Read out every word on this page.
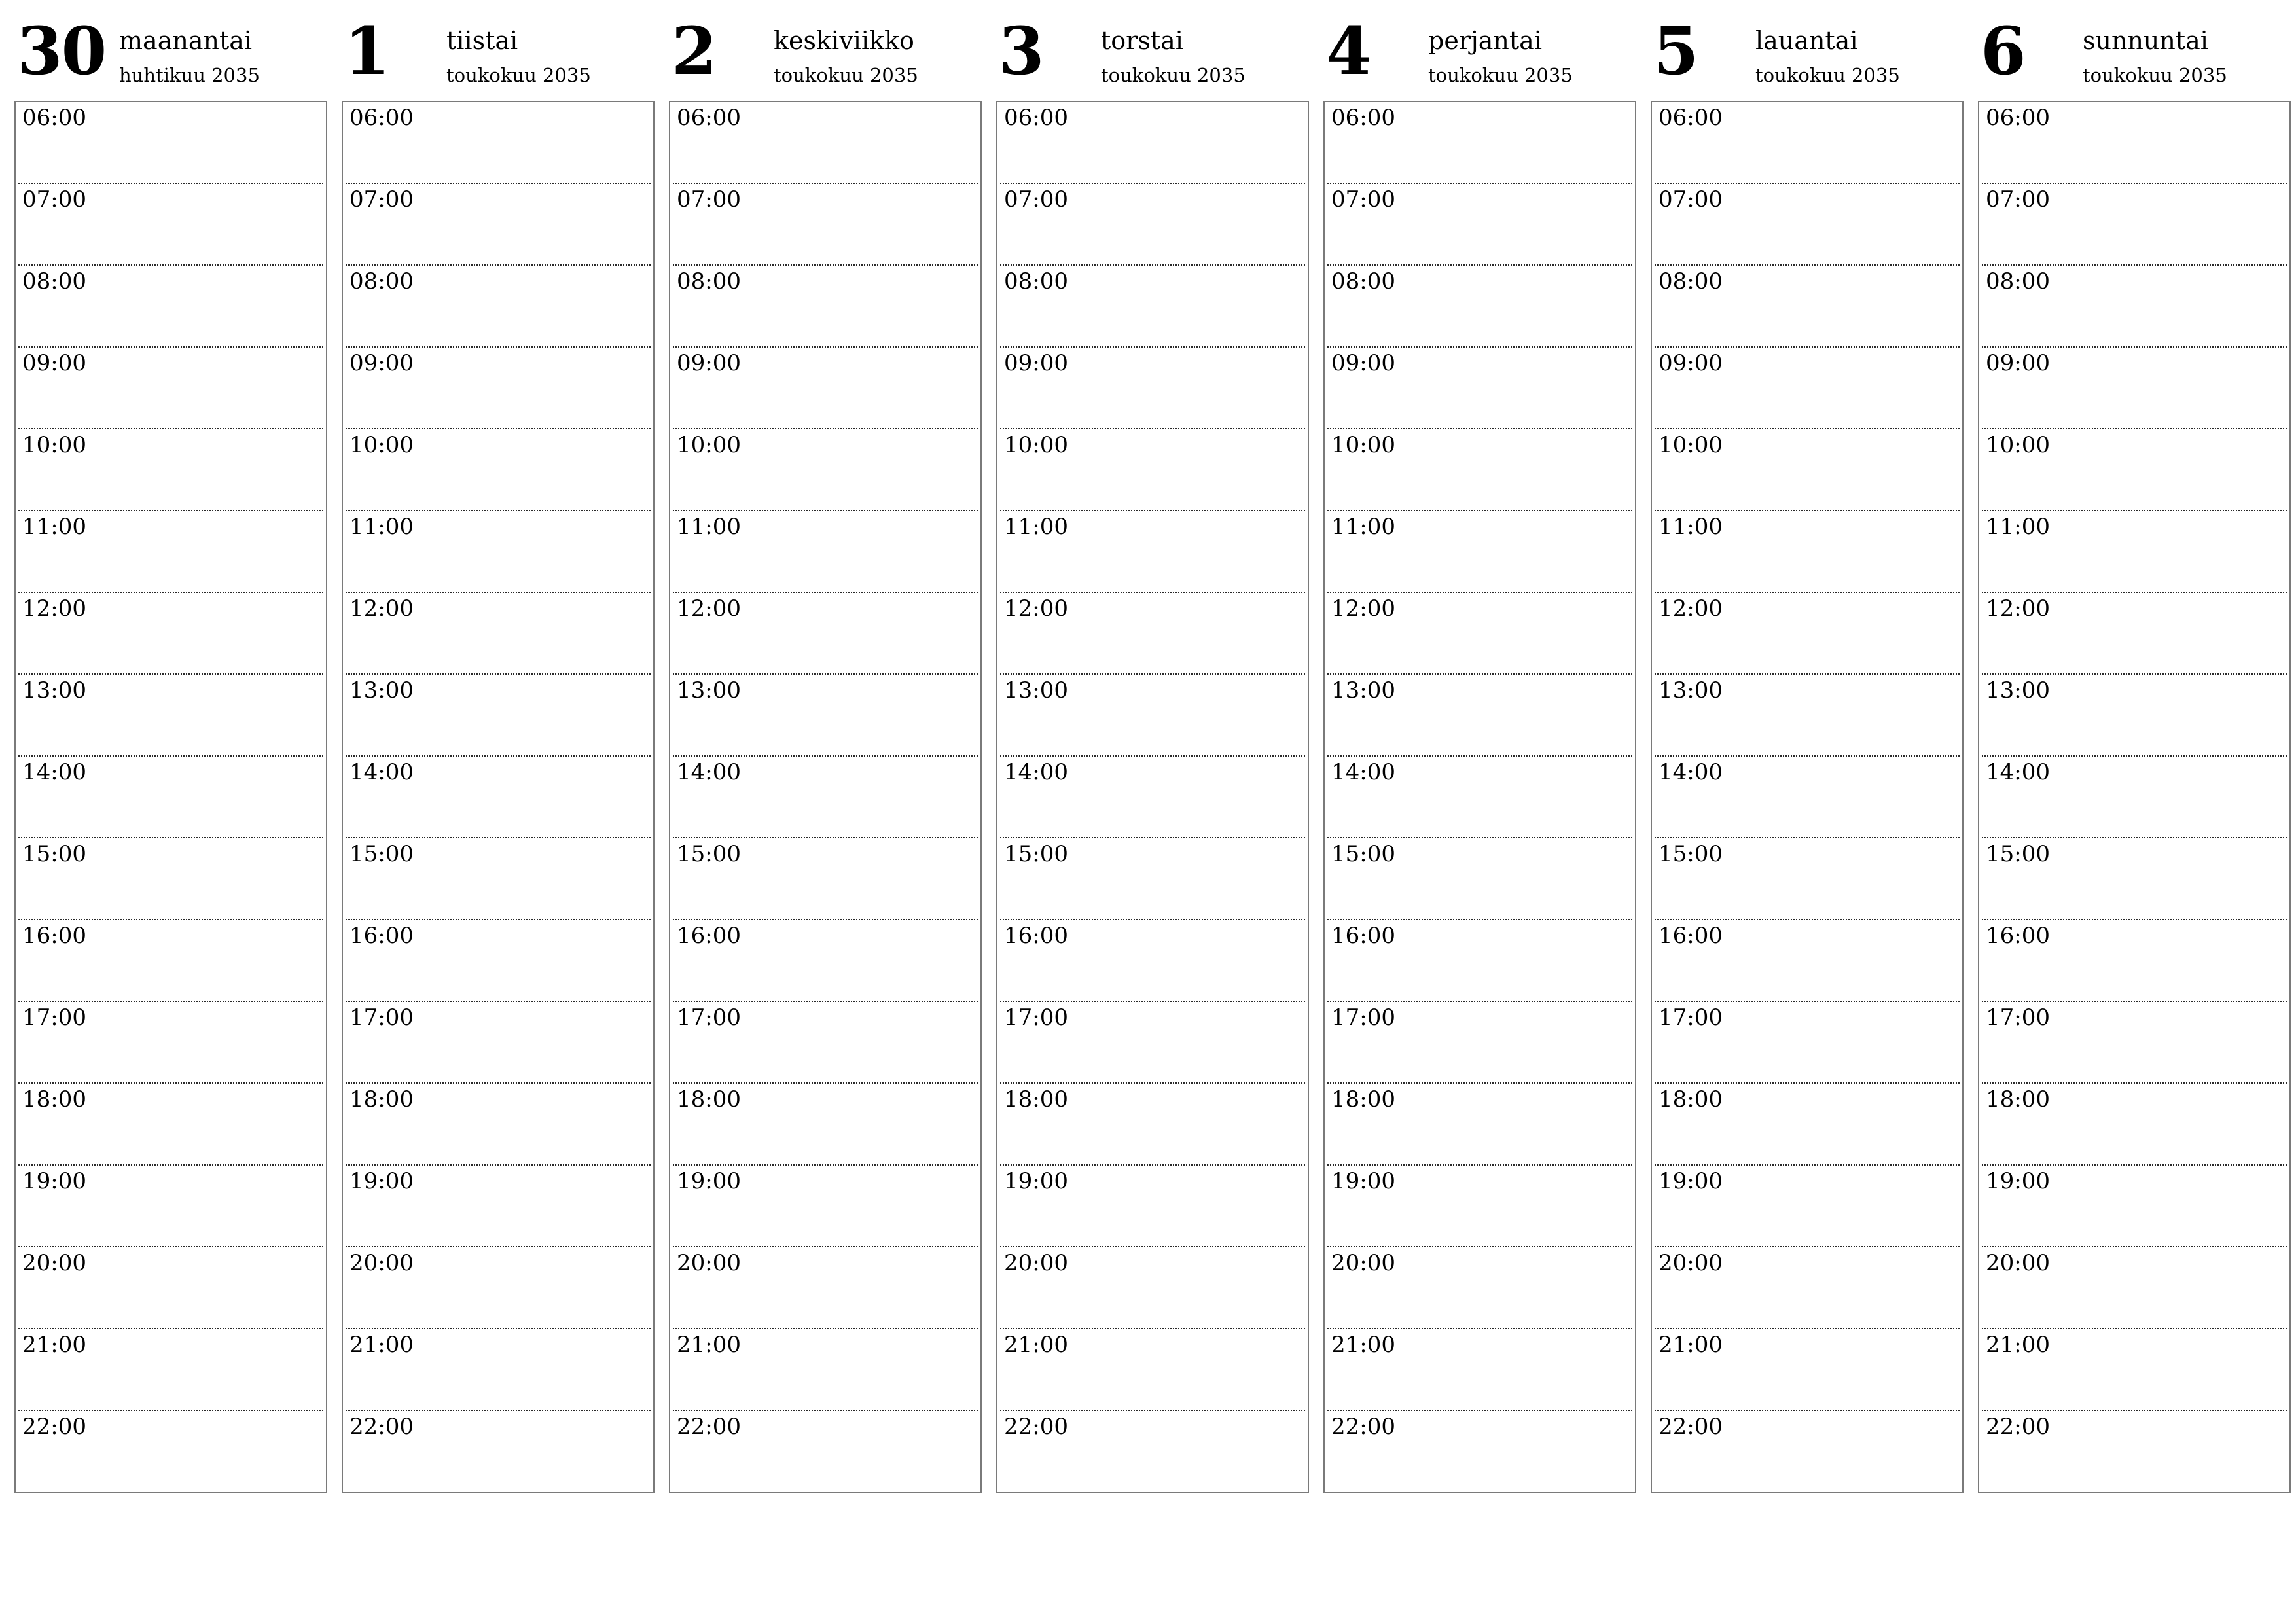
30 maanantai
huhtikuu 2035
06:00
07:00
08:00
09:00
10:00
11:00
12:00
13:00
14:00
15:00
16:00
17:00
18:00
19:00
20:00
21:00
22:00
1 tiistai
toukokuu 2035
06:00
07:00
08:00
09:00
10:00
11:00
12:00
13:00
14:00
15:00
16:00
17:00
18:00
19:00
20:00
21:00
22:00
2 keskiviikko
toukokuu 2035
06:00
07:00
08:00
09:00
10:00
11:00
12:00
13:00
14:00
15:00
16:00
17:00
18:00
19:00
20:00
21:00
22:00
3 torstai
toukokuu 2035
06:00
07:00
08:00
09:00
10:00
11:00
12:00
13:00
14:00
15:00
16:00
17:00
18:00
19:00
20:00
21:00
22:00
4 perjantai
toukokuu 2035
06:00
07:00
08:00
09:00
10:00
11:00
12:00
13:00
14:00
15:00
16:00
17:00
18:00
19:00
20:00
21:00
22:00
5 lauantai
toukokuu 2035
06:00
07:00
08:00
09:00
10:00
11:00
12:00
13:00
14:00
15:00
16:00
17:00
18:00
19:00
20:00
21:00
22:00
6 sunnuntai
toukokuu 2035
06:00
07:00
08:00
09:00
10:00
11:00
12:00
13:00
14:00
15:00
16:00
17:00
18:00
19:00
20:00
21:00
22:00
